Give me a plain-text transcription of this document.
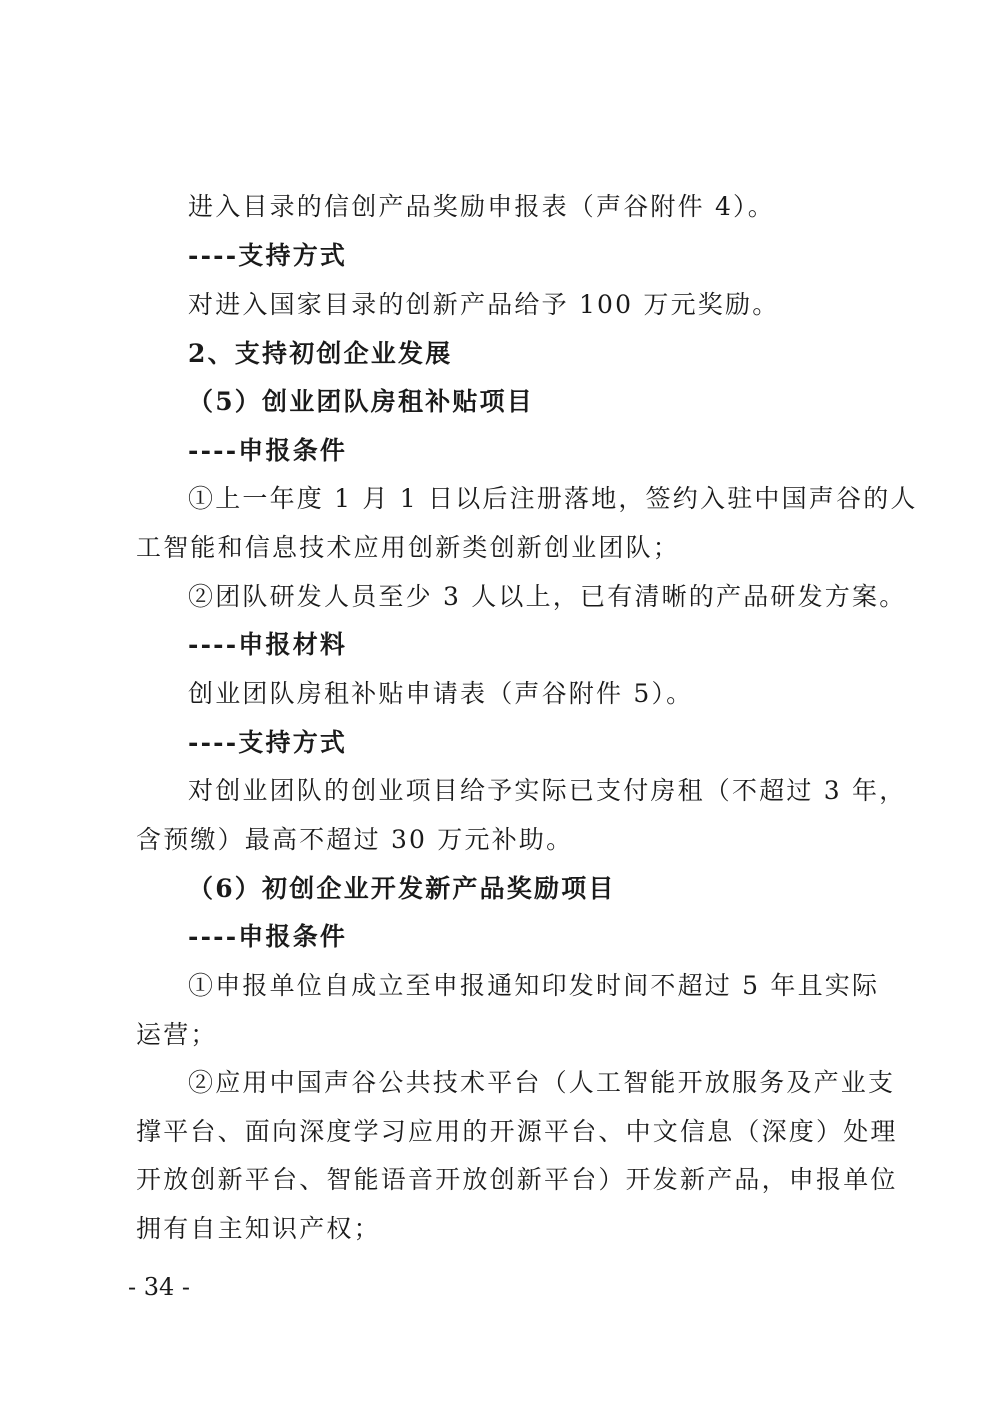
进入目录的信创产品奖励申报表（声谷附件 4）。
----支持方式
对进入国家目录的创新产品给予 100 万元奖励。
2、支持初创企业发展
（5）创业团队房租补贴项目
----申报条件
①上一年度 1 月 1 日以后注册落地，签约入驻中国声谷的人
工智能和信息技术应用创新类创新创业团队；
②团队研发人员至少 3 人以上，已有清晰的产品研发方案。
----申报材料
创业团队房租补贴申请表（声谷附件 5）。
----支持方式
对创业团队的创业项目给予实际已支付房租（不超过 3 年，
含预缴）最高不超过 30 万元补助。
（6）初创企业开发新产品奖励项目
----申报条件
①申报单位自成立至申报通知印发时间不超过 5 年且实际
运营；
②应用中国声谷公共技术平台（人工智能开放服务及产业支
撑平台、面向深度学习应用的开源平台、中文信息（深度）处理
开放创新平台、智能语音开放创新平台）开发新产品，申报单位
拥有自主知识产权；
- 34 -
